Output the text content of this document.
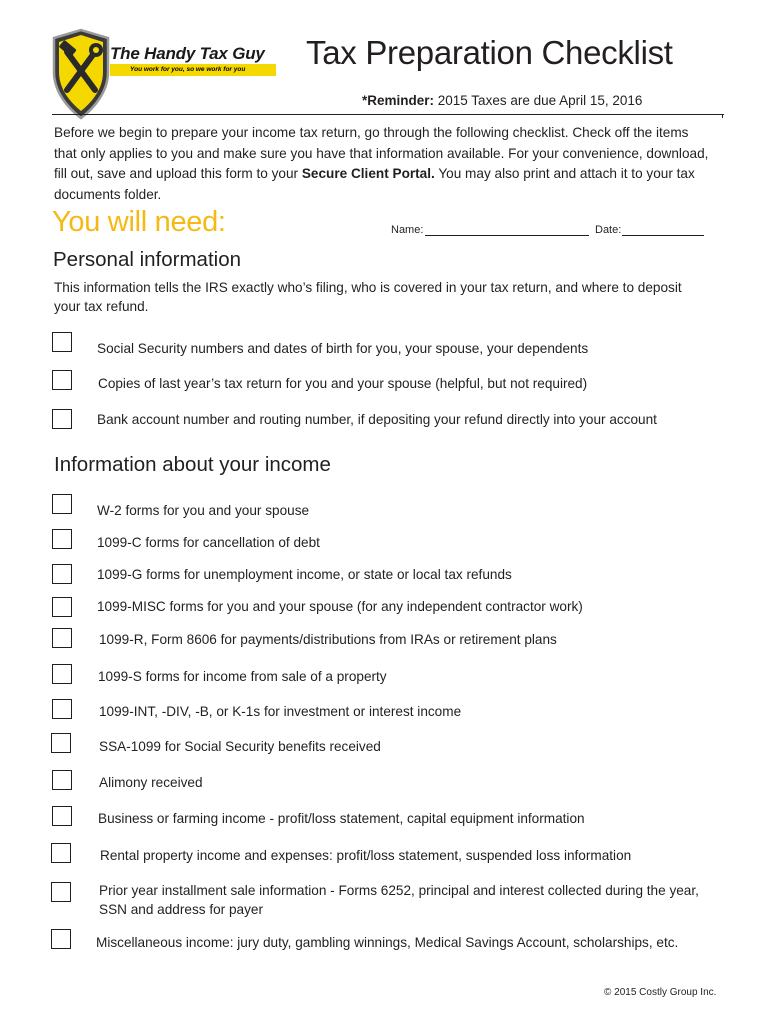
The Handy Tax Guy
You work for you, so we work for you	Tax Preparation Checklist
*Reminder: 2015 Taxes are due April 15, 2016
Before we begin to prepare your income tax return, go through the following checklist. Check off the items that only applies to you and make sure you have that information available. For your convenience, download, fill out, save and upload this form to your Secure Client Portal. You may also print and attach it to your tax documents folder.
You will need:	Name:	Date:
Personal information
This information tells the IRS exactly who’s filing, who is covered in your tax return, and where to deposit your tax refund.
Social Security numbers and dates of birth for you, your spouse, your dependents
Copies of last year’s tax return for you and your spouse (helpful, but not required)
Bank account number and routing number, if depositing your refund directly into your account
Information about your income
W-2 forms for you and your spouse
1099-C forms for cancellation of debt
1099-G forms for unemployment income, or state or local tax refunds
1099-MISC forms for you and your spouse (for any independent contractor work)
1099-R, Form 8606 for payments/distributions from IRAs or retirement plans
1099-S forms for income from sale of a property
1099-INT, -DIV, -B, or K-1s for investment or interest income
SSA-1099 for Social Security benefits received
Alimony received
Business or farming income - profit/loss statement, capital equipment information
Rental property income and expenses: profit/loss statement, suspended loss information
Prior year installment sale information - Forms 6252, principal and interest collected during the year, SSN and address for payer
Miscellaneous income: jury duty, gambling winnings, Medical Savings Account, scholarships, etc.
© 2015 Costly Group Inc.
